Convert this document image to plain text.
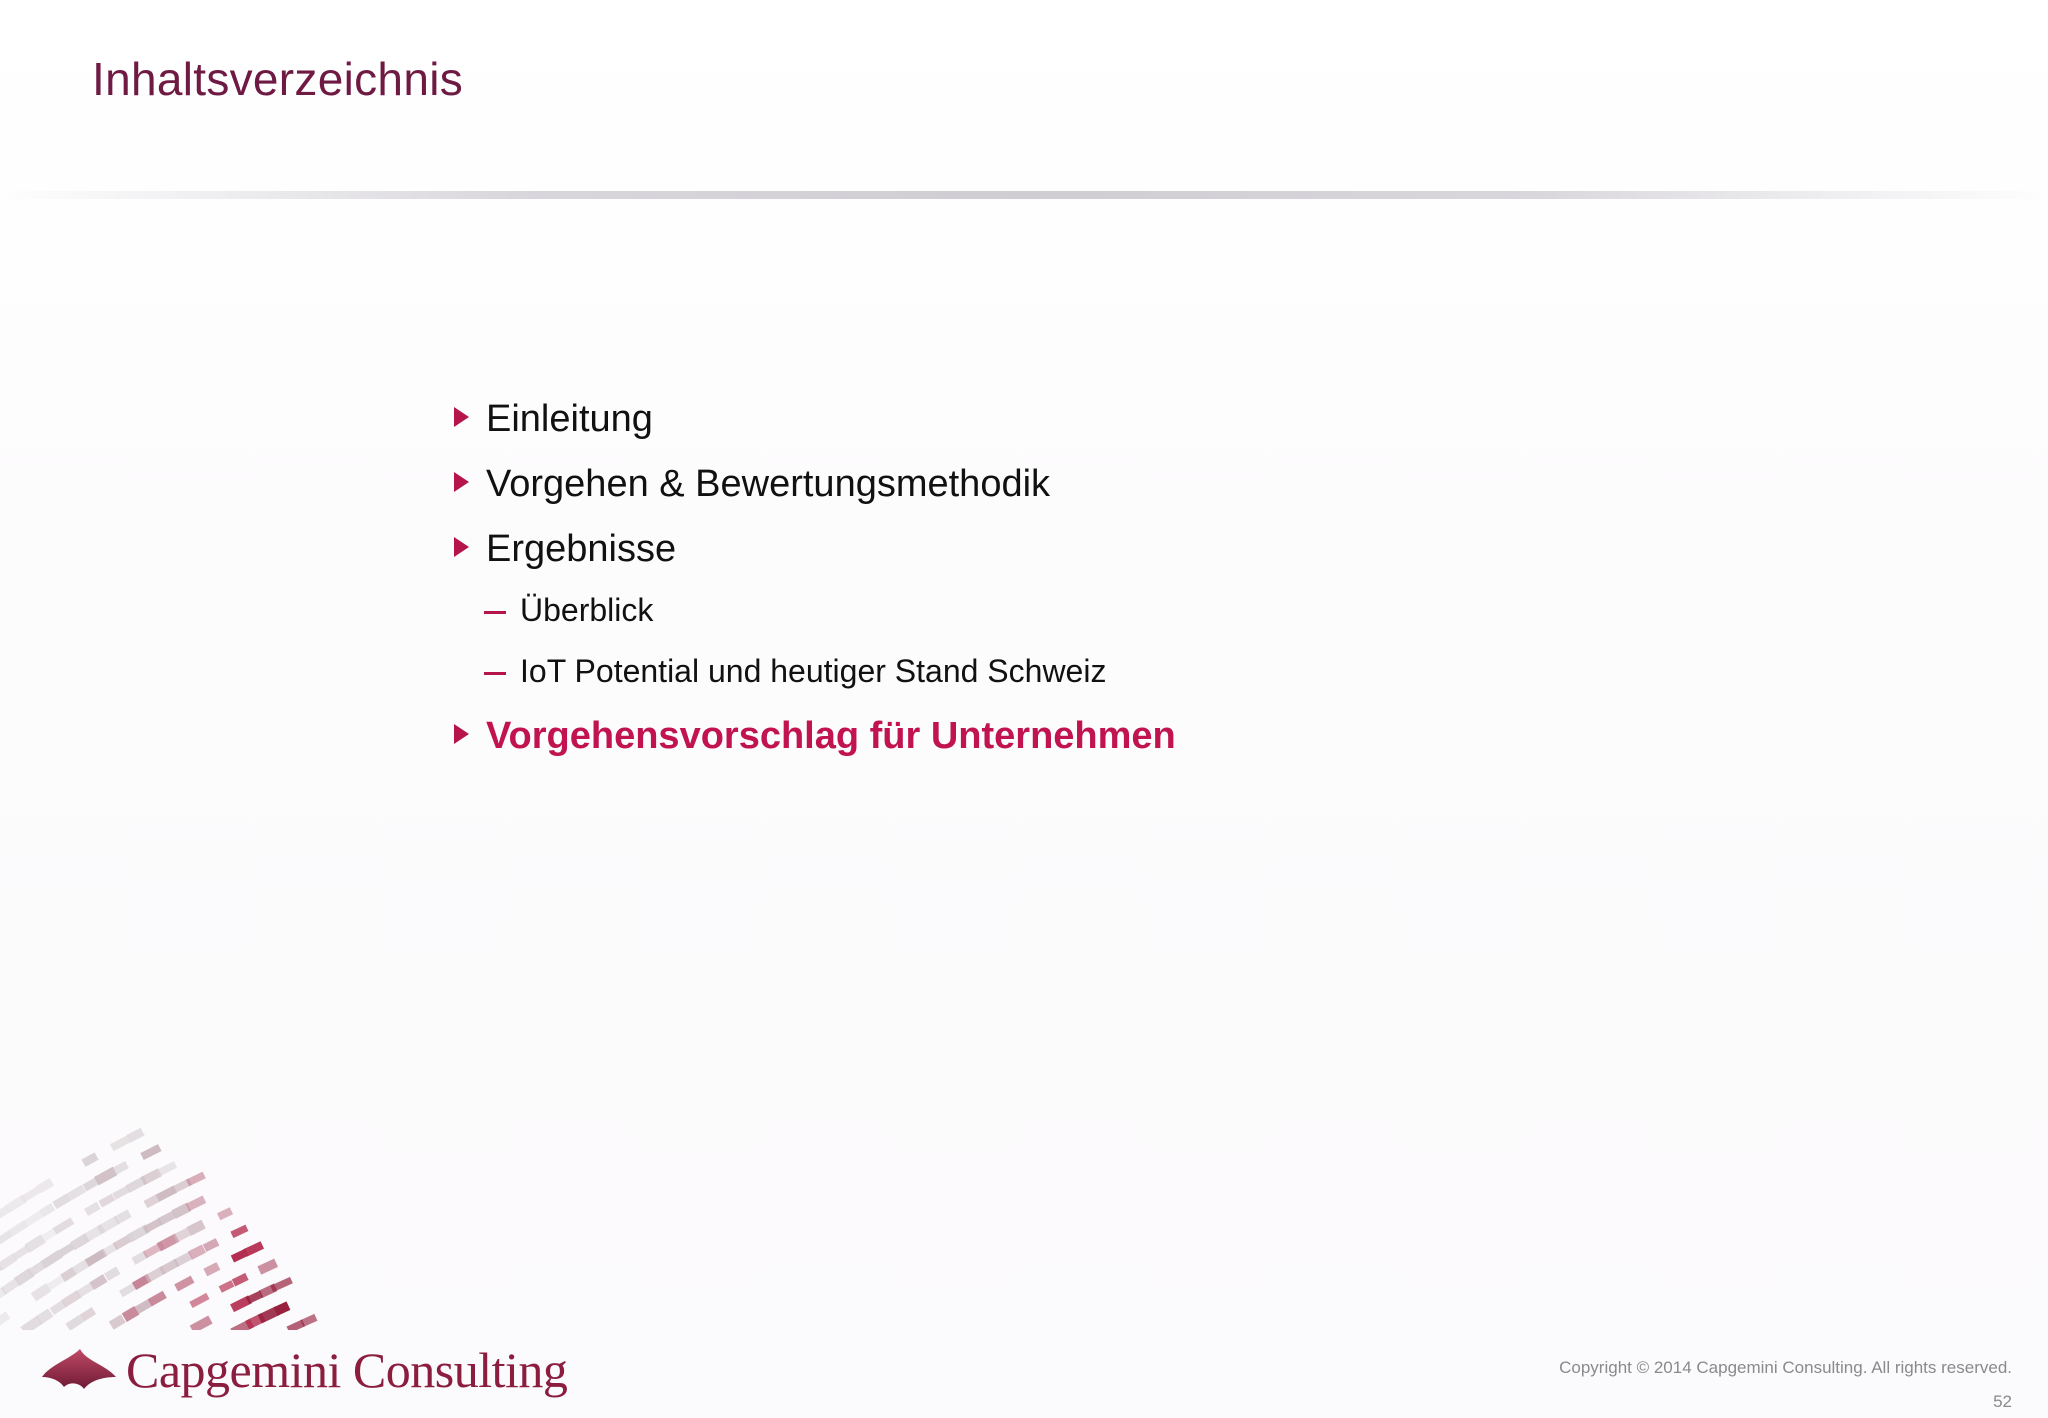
Inhaltsverzeichnis
Einleitung
Vorgehen & Bewertungsmethodik
Ergebnisse
Überblick
IoT Potential und heutiger Stand Schweiz
Vorgehensvorschlag für Unternehmen
Capgemini Consulting	Copyright © 2014 Capgemini Consulting. All rights reserved.
52
